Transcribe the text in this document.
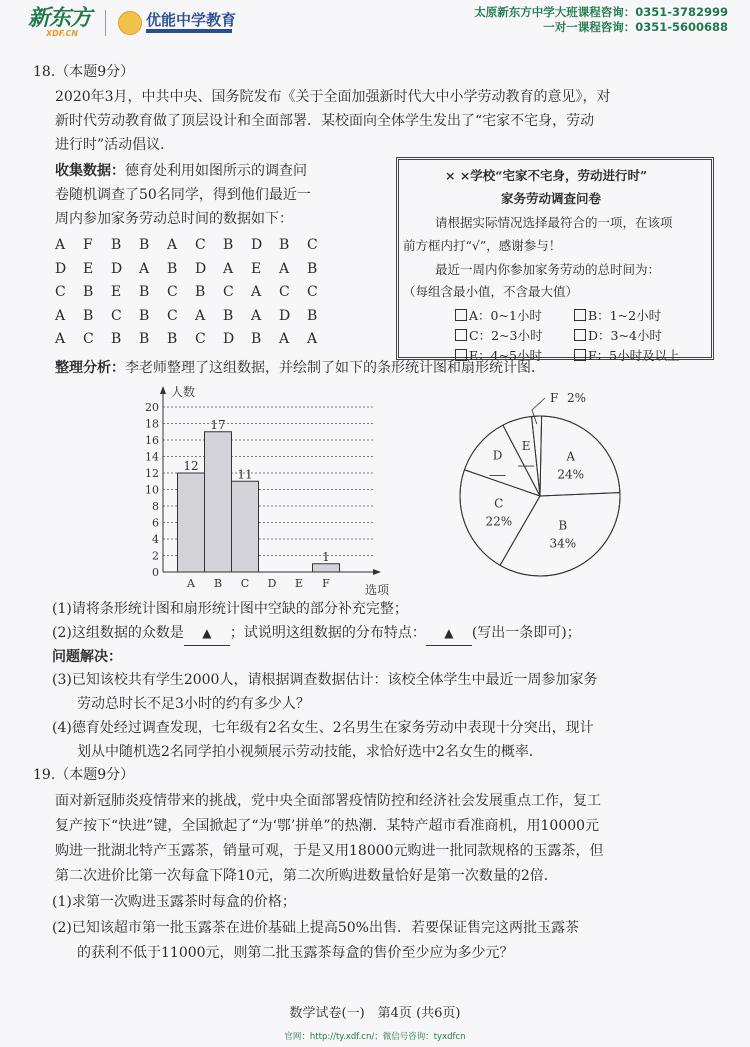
新东方
XDF.CN
优能中学教育	太原新东方中学大班课程咨询：0351-3782999
一对一课程咨询：0351-5600688
18.（本题9分）
2020年3月，中共中央、国务院发布《关于全面加强新时代大中小学劳动教育的意见》，对
新时代劳动教育做了顶层设计和全面部署．某校面向全体学生发出了“宅家不宅身，劳动
进行时”活动倡议．
收集数据：德育处利用如图所示的调查问
卷随机调查了50名同学，得到他们最近一
周内参加家务劳动总时间的数据如下：
A	F	B	B	A	C	B	D	B	C
D	E	D	A	B	D	A	E	A	B
C	B	E	B	C	B	C	A	C	C
A	B	C	B	C	A	B	A	D	B
A	C	B	B	B	C	D	B	A	A
× ×学校“宅家不宅身，劳动进行时”
家务劳动调查问卷
请根据实际情况选择最符合的一项，在该项
前方框内打“√”，感谢参与！
最近一周内你参加家务劳动的总时间为：
（每组含最小值，不含最大值）
A：0~1小时	B：1~2小时
C：2~3小时	D：3~4小时
E：4~5小时	F：5小时及以上
整理分析：李老师整理了这组数据，并绘制了如下的条形统计图和扇形统计图．
0
2
4
6
8
10
12
14
16
18
20
人数
选项
12
A
17
B
11
C D E
1
F
A
24%
B
34%
C
22%
D
E
F 2%
(1)请将条形统计图和扇形统计图中空缺的部分补充完整；
(2)这组数据的众数是 ▲ ；试说明这组数据的分布特点： ▲ (写出一条即可)；
问题解决：
(3)已知该校共有学生2000人，请根据调查数据估计：该校全体学生中最近一周参加家务
劳动总时长不足3小时的约有多少人？
(4)德育处经过调查发现，七年级有2名女生、2名男生在家务劳动中表现十分突出，现计
划从中随机选2名同学拍小视频展示劳动技能，求恰好选中2名女生的概率．
19.（本题9分）
面对新冠肺炎疫情带来的挑战，党中央全面部署疫情防控和经济社会发展重点工作，复工
复产按下“快进”键，全国掀起了“为‘鄂’拼单”的热潮．某特产超市看准商机，用10000元
购进一批湖北特产玉露茶，销量可观，于是又用18000元购进一批同款规格的玉露茶，但
第二次进价比第一次每盒下降10元，第二次所购进数量恰好是第一次数量的2倍．
(1)求第一次购进玉露茶时每盒的价格；
(2)已知该超市第一批玉露茶在进价基础上提高50%出售．若要保证售完这两批玉露茶
的获利不低于11000元，则第二批玉露茶每盒的售价至少应为多少元？
数学试卷(一)　第4页 (共6页)
官网：http://ty.xdf.cn/；微信号咨询：tyxdfcn
